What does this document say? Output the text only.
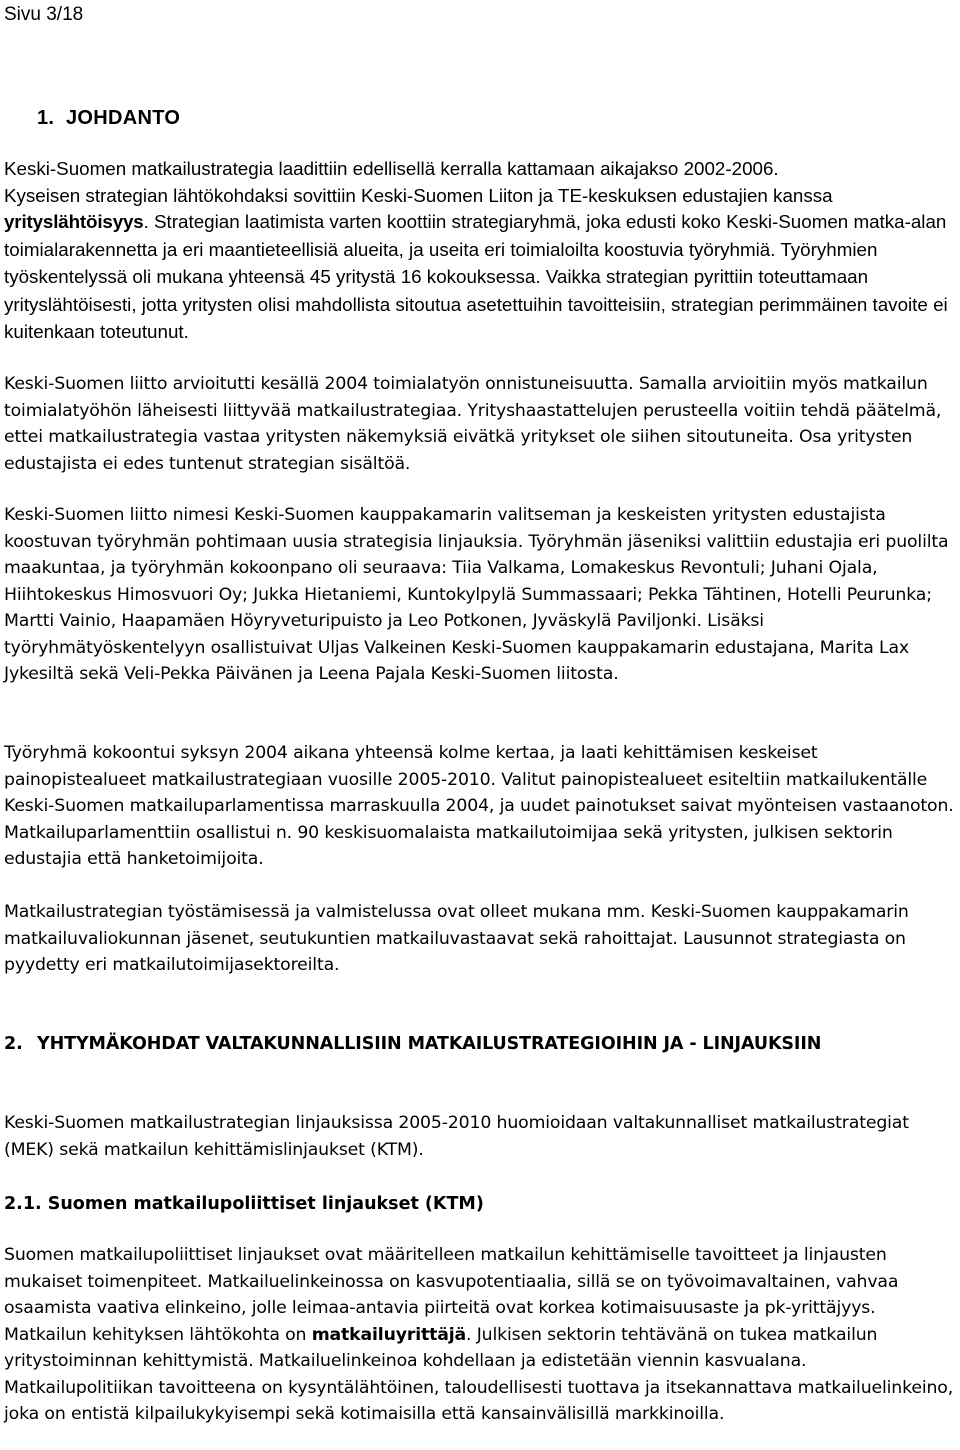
Sivu 3/18

1. JOHDANTO
Keski-Suomen matkailustrategia laadittiin edellisellä kerralla kattamaan aikajakso 2002-2006.
Kyseisen strategian lähtökohdaksi sovittiin Keski-Suomen Liiton ja TE-keskuksen edustajien kanssa
yrityslähtöisyys. Strategian laatimista varten koottiin strategiaryhmä, joka edusti koko Keski-Suomen matka-alan toimialarakennetta ja eri maantieteellisiä alueita, ja useita eri toimialoilta koostuvia työryhmiä. Työryhmien työskentelyssä oli mukana yhteensä 45 yritystä 16 kokouksessa. Vaikka strategian pyrittiin toteuttamaan yrityslähtöisesti, jotta yritysten olisi mahdollista sitoutua asetettuihin tavoitteisiin, strategian perimmäinen tavoite ei kuitenkaan toteutunut.

Keski-Suomen liitto arvioitutti kesällä 2004 toimialatyön onnistuneisuutta. Samalla arvioitiin myös matkailun toimialatyöhön läheisesti liittyvää matkailustrategiaa. Yrityshaastattelujen perusteella voitiin tehdä päätelmä, ettei matkailustrategia vastaa yritysten näkemyksiä eivätkä yritykset ole siihen sitoutuneita. Osa yritysten edustajista ei edes tuntenut strategian sisältöä.

Keski-Suomen liitto nimesi Keski-Suomen kauppakamarin valitseman ja keskeisten yritysten edustajista koostuvan työryhmän pohtimaan uusia strategisia linjauksia. Työryhmän jäseniksi valittiin edustajia eri puolilta maakuntaa, ja työryhmän kokoonpano oli seuraava: Tiia Valkama, Lomakeskus Revontuli; Juhani Ojala, Hiihtokeskus Himosvuori Oy; Jukka Hietaniemi, Kuntokylpylä Summassaari; Pekka Tähtinen, Hotelli Peurunka; Martti Vainio, Haapamäen Höyryveturipuisto ja Leo Potkonen, Jyväskylä Paviljonki. Lisäksi työryhmätyöskentelyyn osallistuivat Uljas Valkeinen Keski-Suomen kauppakamarin edustajana, Marita Lax Jykesiltä sekä Veli-Pekka Päivänen ja Leena Pajala Keski-Suomen liitosta.

Työryhmä kokoontui syksyn 2004 aikana yhteensä kolme kertaa, ja laati kehittämisen keskeiset painopistealueet matkailustrategiaan vuosille 2005-2010. Valitut painopistealueet esiteltiin matkailukentälle Keski-Suomen matkailuparlamentissa marraskuulla 2004, ja uudet painotukset saivat myönteisen vastaanoton. Matkailuparlamenttiin osallistui n. 90 keskisuomalaista matkailutoimijaa sekä yritysten, julkisen sektorin edustajia että hanketoimijoita.

Matkailustrategian työstämisessä ja valmistelussa ovat olleet mukana mm. Keski-Suomen kauppakamarin matkailuvaliokunnan jäsenet, seutukuntien matkailuvastaavat sekä rahoittajat. Lausunnot strategiasta on pyydetty eri matkailutoimijasektoreilta.

2. YHTYMÄKOHDAT VALTAKUNNALLISIIN MATKAILUSTRATEGIOIHIN JA - LINJAUKSIIN

Keski-Suomen matkailustrategian linjauksissa 2005-2010 huomioidaan valtakunnalliset matkailustrategiat (MEK) sekä matkailun kehittämislinjaukset (KTM).

2.1. Suomen matkailupoliittiset linjaukset (KTM)

Suomen matkailupoliittiset linjaukset ovat määritelleen matkailun kehittämiselle tavoitteet ja linjausten mukaiset toimenpiteet. Matkailuelinkeinossa on kasvupotentiaalia, sillä se on työvoimavaltainen, vahvaa osaamista vaativa elinkeino, jolle leimaa-antavia piirteitä ovat korkea kotimaisuusaste ja pk-yrittäjyys. Matkailun kehityksen lähtökohta on matkailuyrittäjä. Julkisen sektorin tehtävänä on tukea matkailun yritystoiminnan kehittymistä. Matkailuelinkeinoa kohdellaan ja edistetään viennin kasvualana. Matkailupolitiikan tavoitteena on kysyntälähtöinen, taloudellisesti tuottava ja itsekannattava matkailuelinkeino, joka on entistä kilpailukykyisempi sekä kotimaisilla että kansainvälisillä markkinoilla.
